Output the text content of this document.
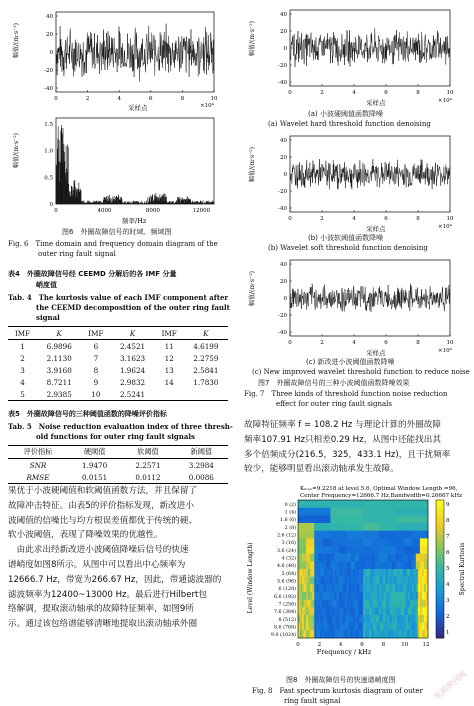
40
20
0
-20
-40
0	2	4	6	8	10
幅值/(m·s⁻²)
采样点	×10⁴
1.5
1.0
0.5
0
0	4000	8000	12000
幅值/(m·s⁻²)
频率/Hz
图6　外圈故障信号的时域、频域图
Fig. 6　Time domain and frequency domain diagram of the
outer ring fault signal
表4　外圈故障信号经 CEEMD 分解后的各 IMF 分量
峭度值
Tab. 4　The kurtosis value of each IMF component after
the CEEMD decomposition of the outer ring fault
signal
IMF	K	IMF	K	IMF	K
1	6.9896	6	2.4521	11	4.6199
2	2.1130	7	3.1623	12	2.2759
3	3.9160	8	1.9624	13	2.5841
4	8.7211	9	2.9832	14	1.7830
5	2.9385	10	2.5241		
表5　外圈故障信号的三种阈值函数的降噪评价指标
Tab. 5　Noise reduction evaluation index of three thresh-
old functions for outer ring fault signals
评价指标	硬阈值	软阈值	新阈值
SNR	1.9470	2.2571	3.2984
RMSE	0.0151	0.0112	0.0086
果优于小波硬阈值和软阈值函数方法，并且保留了
故障冲击特征。由表5的评价指标发现，新改进小
波阈值的信噪比与均方根误差值都优于传统的硬、
软小波阈值，表现了降噪效果的优越性。
　由此求出经新改进小波阈值降噪后信号的快速
谱峭度如图8所示。从图中可以看出中心频率为
12666.7 Hz，带宽为266.67 Hz，因此，带通滤波器的
滤波频率为12400~13000 Hz。最后进行Hilbert包
络解调，提取滚动轴承的故障特征频率，如图9所
示。通过该包络谱能够清晰地提取出滚动轴承外圈
40
20
0
-20
-40
0	2	4	6	8	10
幅值/(m·s⁻²)
采样点	×10⁴
(a) 小波硬阈值函数降噪
(a) Wavelet hard threshold function denoising
40
20
0
-20
-40
0	2	4	6	8	10
幅值/(m·s⁻²)
采样点	×10⁴
(b) 小波软阈值函数降噪
(b) Wavelet soft threshold function denoising
40
20
0
-20
-40
0	2	4	6	8	10
幅值/(m·s⁻²)
采样点	×10⁴
(c) 新改进小波阈值函数降噪
(c) New improved wavelet threshold function to reduce noise
图7　外圈故障信号的三种小波阈值函数降噪效果
Fig. 7　Three kinds of threshold function noise reduction
effect for outer ring fault signals
故障特征频率 f = 108.2 Hz 与理论计算的外圈故障
频率107.91 Hz只相差0.29 Hz，从图中还能找出其
多个倍频成分(216.5，325，433.1 Hz)，且干扰频率
较少，能够明显看出滚动轴承发生故障。
Kₘₐₓ=9.2218 at level 5.6, Optimal Window Length =96,
Center Frequency=12666.7 Hz,Bandwidth=0.26667 kHz
0 (2)
1 (4)
1.6 (6)
2 (8)
2.6 (12)
3 (16)
3.6 (24)
4 (32)
4.6 (48)
5 (64)
5.6 (96)
6 (128)
6.6 (192)
7 (256)
7.6 (384)
8 (512)
8.6 (768)
9.0 (1024)
0	2	4	6	8	10	12
9
8
7
6
5
4
3
2
1
Level (Window Length)
Frequency / kHz
Spectral Kurtosis
图8　外圈故障信号的快速谱峭度图
Fig. 8　Fast spectrum kurtosis diagram of outer
ring fault signal	龙源期刊网
